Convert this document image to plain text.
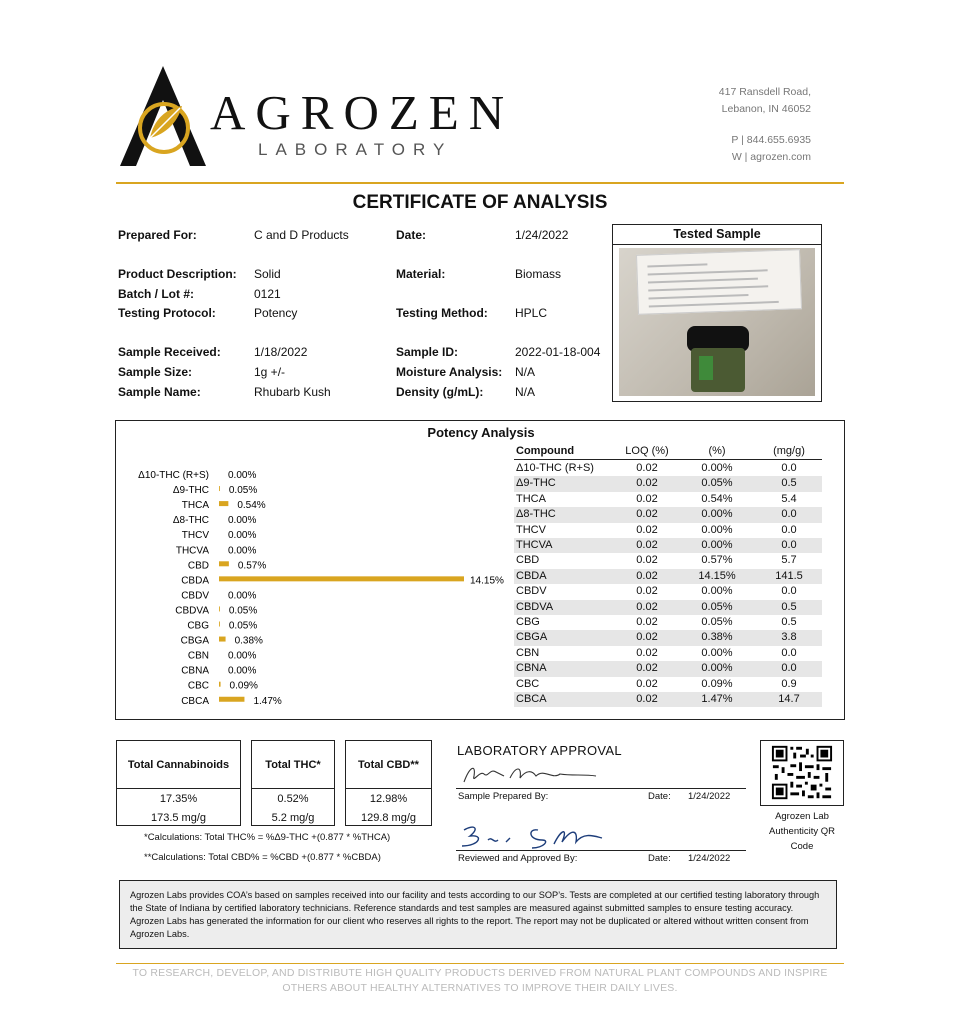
AGROZEN
LABORATORY
417 Ransdell Road,
Lebanon, IN 46052
P | 844.655.6935
W | agrozen.com
CERTIFICATE OF ANALYSIS
Prepared For:	C and D Products	Date:	1/24/2022
Product Description: Solid	Material:	Biomass
Batch / Lot #:	0121
Testing Protocol:	Potency	Testing Method: HPLC
Sample Received:	1/18/2022	Sample ID:	2022-01-18-004
Sample Size:	1g +/-	Moisture Analysis: N/A
Sample Name:	Rhubarb Kush	Density (g/mL):	N/A
Tested Sample
Potency Analysis
Δ10-THC (R+S) 0.00%
Δ9-THC 0.05%
THCA	0.54%
Δ8-THC 0.00%
THCV 0.00%
THCVA 0.00%
CBD	0.57%
CBDA	14.15%
CBDV 0.00%
CBDVA 0.05%
CBG 0.05%
CBGA	0.38%
CBN 0.00%
CBNA 0.00%
CBC 0.09%
CBCA	1.47%
Compound	LOQ (%)	(%)	(mg/g)
Δ10-THC (R+S)	0.02	0.00%	0.0
Δ9-THC	0.02	0.05%	0.5
THCA	0.02	0.54%	5.4
Δ8-THC	0.02	0.00%	0.0
THCV	0.02	0.00%	0.0
THCVA	0.02	0.00%	0.0
CBD	0.02	0.57%	5.7
CBDA	0.02	14.15%	141.5
CBDV	0.02	0.00%	0.0
CBDVA	0.02	0.05%	0.5
CBG	0.02	0.05%	0.5
CBGA	0.02	0.38%	3.8
CBN	0.02	0.00%	0.0
CBNA	0.02	0.00%	0.0
CBC	0.02	0.09%	0.9
CBCA	0.02	1.47%	14.7
Total Cannabinoids
17.35%
173.5 mg/g
Total THC*
0.52%
5.2 mg/g
Total CBD**
12.98%
129.8 mg/g
*Calculations: Total THC% = %Δ9-THC +(0.877 * %THCA)
**Calculations: Total CBD% = %CBD +(0.877 * %CBDA)
LABORATORY APPROVAL
Sample Prepared By:	Date: 1/24/2022
Reviewed and Approved By:	Date: 1/24/2022
Agrozen Lab
Authenticity QR
Code
Agrozen Labs provides COA’s based on samples received into our facility and tests according to our SOP’s. Tests are completed at our certified testing laboratory through the State of Indiana by certified laboratory technicians. Reference standards and test samples are measured against submitted samples to ensure testing accuracy. Agrozen Labs has generated the information for our client who reserves all rights to the report. The report may not be duplicated or altered without written consent from Agrozen Labs.
TO RESEARCH, DEVELOP, AND DISTRIBUTE HIGH QUALITY PRODUCTS DERIVED FROM NATURAL PLANT COMPOUNDS AND INSPIRE OTHERS ABOUT HEALTHY ALTERNATIVES TO IMPROVE THEIR DAILY LIVES.
